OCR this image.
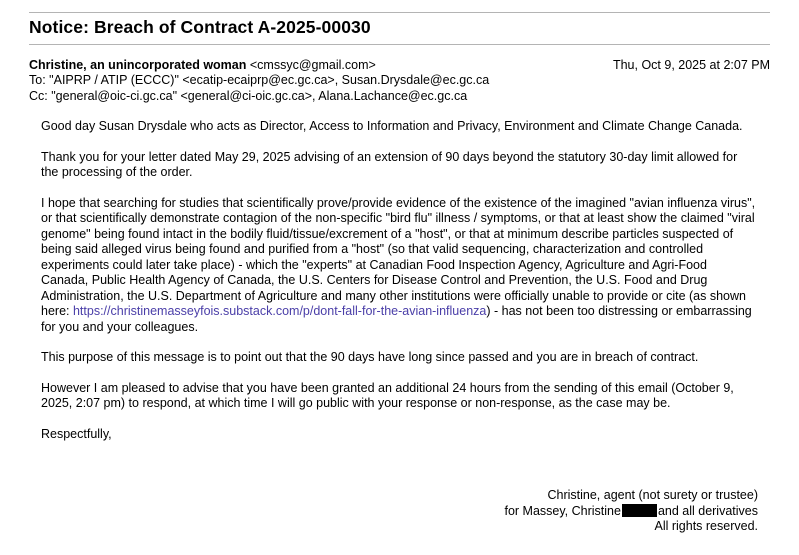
Notice: Breach of Contract A-2025-00030
Christine, an unincorporated woman <cmssyc@gmail.com>	Thu, Oct 9, 2025 at 2:07 PM
To: "AIPRP / ATIP (ECCC)" <ecatip-ecaiprp@ec.gc.ca>, Susan.Drysdale@ec.gc.ca
Cc: "general@oic-ci.gc.ca" <general@ci-oic.gc.ca>, Alana.Lachance@ec.gc.ca

Good day Susan Drysdale who acts as Director, Access to Information and Privacy, Environment and Climate Change Canada.

Thank you for your letter dated May 29, 2025 advising of an extension of 90 days beyond the statutory 30-day limit allowed for the processing of the order.

I hope that searching for studies that scientifically prove/provide evidence of the existence of the imagined "avian influenza virus", or that scientifically demonstrate contagion of the non-specific "bird flu" illness / symptoms, or that at least show the claimed "viral genome" being found intact in the bodily fluid/tissue/excrement of a "host", or that at minimum describe particles suspected of being said alleged virus being found and purified from a "host" (so that valid sequencing, characterization and controlled experiments could later take place) - which the "experts" at Canadian Food Inspection Agency, Agriculture and Agri-Food Canada, Public Health Agency of Canada, the U.S. Centers for Disease Control and Prevention, the U.S. Food and Drug Administration, the U.S. Department of Agriculture and many other institutions were officially unable to provide or cite (as shown here: https://christinemasseyfois.substack.com/p/dont-fall-for-the-avian-influenza) - has not been too distressing or embarrassing for you and your colleagues.

This purpose of this message is to point out that the 90 days have long since passed and you are in breach of contract.

However I am pleased to advise that you have been granted an additional 24 hours from the sending of this email (October 9, 2025, 2:07 pm) to respond, at which time I will go public with your response or non-response, as the case may be.

Respectfully,

Christine, agent (not surety or trustee)
for Massey, Christine	and all derivatives
All rights reserved.
